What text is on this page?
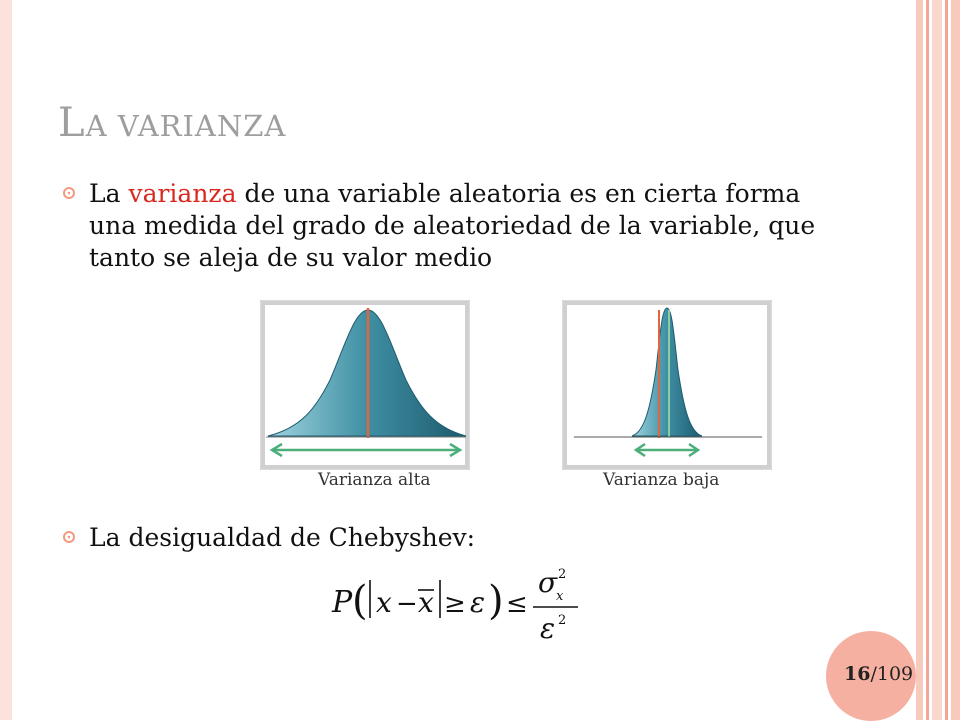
LA VARIANZA
La varianza de una variable aleatoria es en cierta forma una medida del grado de aleatoriedad de la variable, que tanto se aleja de su valor medio
Varianza alta	Varianza baja
La desigualdad de Chebyshev:
P ( x − x ≥ ε ) ≤
σ 2
x
ε 2
16/109
